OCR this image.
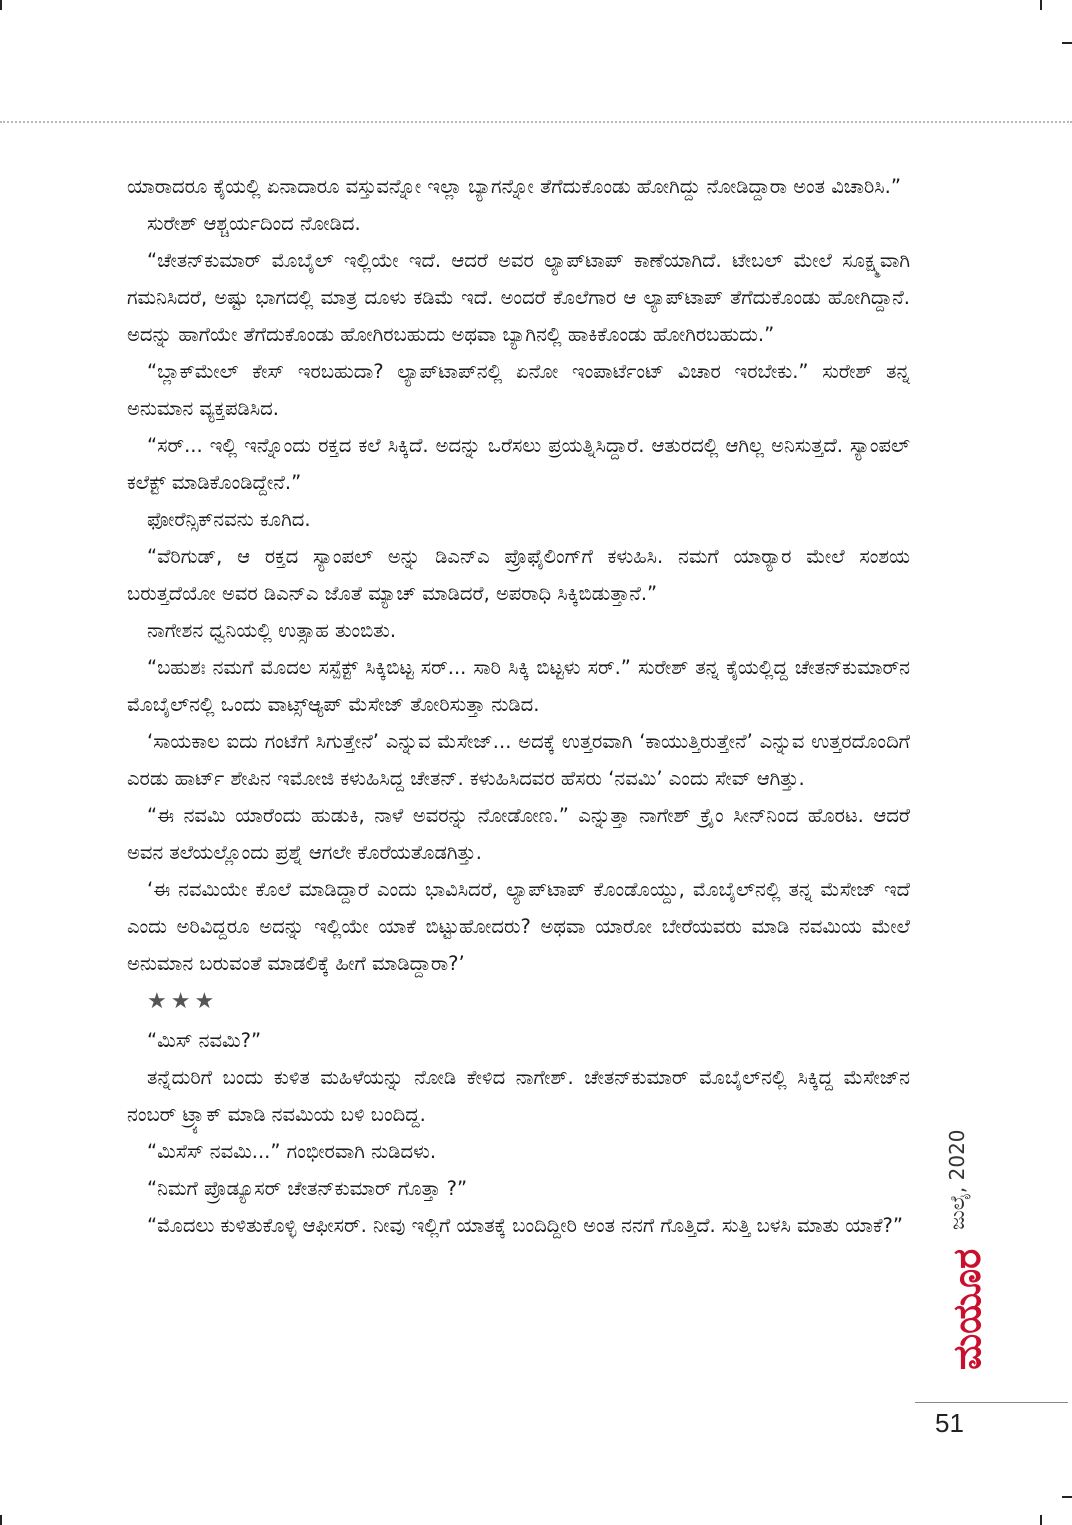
ಯಾರಾದರೂ ಕೈಯಲ್ಲಿ ಏನಾದಾರೂ ವಸ್ತುವನ್ನೋ ಇಲ್ಲಾ ಬ್ಯಾಗನ್ನೋ ತೆಗೆದುಕೊಂಡು ಹೋಗಿದ್ದು ನೋಡಿದ್ದಾರಾ ಅಂತ ವಿಚಾರಿಸಿ.”

ಸುರೇಶ್ ಆಶ್ಚರ್ಯದಿಂದ ನೋಡಿದ.

“ಚೇತನ್‌ಕುಮಾರ್ ಮೊಬೈಲ್ ಇಲ್ಲಿಯೇ ಇದೆ. ಆದರೆ ಅವರ ಲ್ಯಾಪ್‌ಟಾಪ್ ಕಾಣೆಯಾಗಿದೆ. ಟೇಬಲ್ ಮೇಲೆ ಸೂಕ್ಷ್ಮವಾಗಿ ಗಮನಿಸಿದರೆ, ಅಷ್ಟು ಭಾಗದಲ್ಲಿ ಮಾತ್ರ ದೂಳು ಕಡಿಮೆ ಇದೆ. ಅಂದರೆ ಕೊಲೆಗಾರ ಆ ಲ್ಯಾಪ್‌ಟಾಪ್ ತೆಗೆದುಕೊಂಡು ಹೋಗಿದ್ದಾನೆ. ಅದನ್ನು ಹಾಗೆಯೇ ತೆಗೆದುಕೊಂಡು ಹೋಗಿರಬಹುದು ಅಥವಾ ಬ್ಯಾಗಿನಲ್ಲಿ ಹಾಕಿಕೊಂಡು ಹೋಗಿರಬಹುದು.”

“ಬ್ಲಾಕ್‌ಮೇಲ್ ಕೇಸ್ ಇರಬಹುದಾ? ಲ್ಯಾಪ್‌ಟಾಪ್‌ನಲ್ಲಿ ಏನೋ ಇಂಪಾರ್ಟೆಂಟ್ ವಿಚಾರ ಇರಬೇಕು.” ಸುರೇಶ್ ತನ್ನ ಅನುಮಾನ ವ್ಯಕ್ತಪಡಿಸಿದ.

“ಸರ್... ಇಲ್ಲಿ ಇನ್ನೊಂದು ರಕ್ತದ ಕಲೆ ಸಿಕ್ಕಿದೆ. ಅದನ್ನು ಒರೆಸಲು ಪ್ರಯತ್ನಿಸಿದ್ದಾರೆ. ಆತುರದಲ್ಲಿ ಆಗಿಲ್ಲ ಅನಿಸುತ್ತದೆ. ಸ್ಯಾಂಪಲ್ ಕಲೆಕ್ಟ್ ಮಾಡಿಕೊಂಡಿದ್ದೇನೆ.”

ಫೋರೆನ್ಸಿಕ್‌ನವನು ಕೂಗಿದ.

“ವೆರಿಗುಡ್, ಆ ರಕ್ತದ ಸ್ಯಾಂಪಲ್ ಅನ್ನು ಡಿಎನ್‌ಎ ಪ್ರೊಫೈಲಿಂಗ್‌ಗೆ ಕಳುಹಿಸಿ. ನಮಗೆ ಯಾರ್‍ಯಾರ ಮೇಲೆ ಸಂಶಯ ಬರುತ್ತದೆಯೋ ಅವರ ಡಿಎನ್‌ಎ ಜೊತೆ ಮ್ಯಾಚ್ ಮಾಡಿದರೆ, ಅಪರಾಧಿ ಸಿಕ್ಕಿಬಿಡುತ್ತಾನೆ.”

ನಾಗೇಶನ ಧ್ವನಿಯಲ್ಲಿ ಉತ್ಸಾಹ ತುಂಬಿತು.

“ಬಹುಶಃ ನಮಗೆ ಮೊದಲ ಸಸ್ಪೆಕ್ಟ್ ಸಿಕ್ಕಿಬಿಟ್ಟ ಸರ್... ಸಾರಿ ಸಿಕ್ಕಿ ಬಿಟ್ಟಳು ಸರ್.” ಸುರೇಶ್ ತನ್ನ ಕೈಯಲ್ಲಿದ್ದ ಚೇತನ್‌ಕುಮಾರ್‌ನ ಮೊಬೈಲ್‌ನಲ್ಲಿ ಒಂದು ವಾಟ್ಸ್‌ಆ್ಯಪ್ ಮೆಸೇಜ್ ತೋರಿಸುತ್ತಾ ನುಡಿದ.

‘ಸಾಯಕಾಲ ಐದು ಗಂಟೆಗೆ ಸಿಗುತ್ತೇನೆ’ ಎನ್ನುವ ಮೆಸೇಜ್... ಅದಕ್ಕೆ ಉತ್ತರವಾಗಿ ‘ಕಾಯುತ್ತಿರುತ್ತೇನೆ’ ಎನ್ನುವ ಉತ್ತರದೊಂದಿಗೆ ಎರಡು ಹಾರ್ಟ್ ಶೇಪಿನ ಇಮೋಜಿ ಕಳುಹಿಸಿದ್ದ ಚೇತನ್. ಕಳುಹಿಸಿದವರ ಹೆಸರು ‘ನವಮಿ’ ಎಂದು ಸೇವ್ ಆಗಿತ್ತು.

“ಈ ನವಮಿ ಯಾರೆಂದು ಹುಡುಕಿ, ನಾಳೆ ಅವರನ್ನು ನೋಡೋಣ.” ಎನ್ನುತ್ತಾ ನಾಗೇಶ್ ಕ್ರೈಂ ಸೀನ್‌ನಿಂದ ಹೊರಟ. ಆದರೆ ಅವನ ತಲೆಯಲ್ಲೊಂದು ಪ್ರಶ್ನೆ ಆಗಲೇ ಕೊರೆಯತೊಡಗಿತ್ತು.

‘ಈ ನವಮಿಯೇ ಕೊಲೆ ಮಾಡಿದ್ದಾರೆ ಎಂದು ಭಾವಿಸಿದರೆ, ಲ್ಯಾಪ್‌ಟಾಪ್ ಕೊಂಡೊಯ್ದು, ಮೊಬೈಲ್‌ನಲ್ಲಿ ತನ್ನ ಮೆಸೇಜ್ ಇದೆ ಎಂದು ಅರಿವಿದ್ದರೂ ಅದನ್ನು ಇಲ್ಲಿಯೇ ಯಾಕೆ ಬಿಟ್ಟುಹೋದರು? ಅಥವಾ ಯಾರೋ ಬೇರೆಯವರು ಮಾಡಿ ನವಮಿಯ ಮೇಲೆ ಅನುಮಾನ ಬರುವಂತೆ ಮಾಡಲಿಕ್ಕೆ ಹೀಗೆ ಮಾಡಿದ್ದಾರಾ?’

★★★

“ಮಿಸ್ ನವಮಿ?”

ತನ್ನೆದುರಿಗೆ ಬಂದು ಕುಳಿತ ಮಹಿಳೆಯನ್ನು ನೋಡಿ ಕೇಳಿದ ನಾಗೇಶ್. ಚೇತನ್‌ಕುಮಾರ್ ಮೊಬೈಲ್‌ನಲ್ಲಿ ಸಿಕ್ಕಿದ್ದ ಮೆಸೇಜ್‌ನ ನಂಬರ್ ಟ್ರ್ಯಾಕ್ ಮಾಡಿ ನವಮಿಯ ಬಳಿ ಬಂದಿದ್ದ.

“ಮಿಸೆಸ್ ನವಮಿ...” ಗಂಭೀರವಾಗಿ ನುಡಿದಳು.

“ನಿಮಗೆ ಪ್ರೊಡ್ಯೂಸರ್ ಚೇತನ್‌ಕುಮಾರ್ ಗೊತ್ತಾ ?”

“ಮೊದಲು ಕುಳಿತುಕೊಳ್ಳಿ ಆಫೀಸರ್. ನೀವು ಇಲ್ಲಿಗೆ ಯಾತಕ್ಕೆ ಬಂದಿದ್ದೀರಿ ಅಂತ ನನಗೆ ಗೊತ್ತಿದೆ. ಸುತ್ತಿ ಬಳಸಿ ಮಾತು ಯಾಕೆ?”	ಜುಲೈ, 2020
ಮಯೂರ
51
